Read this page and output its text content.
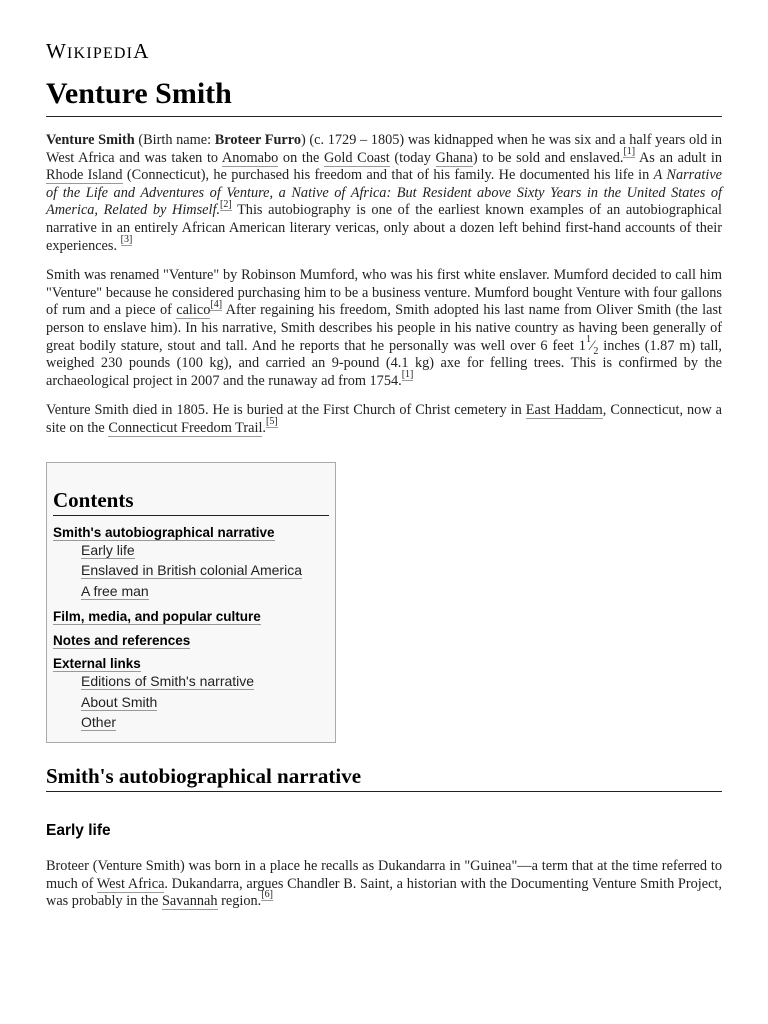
WIKIPEDIA
Venture Smith

Venture Smith (Birth name: Broteer Furro) (c. 1729 – 1805) was kidnapped when he was six and a half years old in West Africa and was taken to Anomabo on the Gold Coast (today Ghana) to be sold and enslaved.[1] As an adult in Rhode Island (Connecticut), he purchased his freedom and that of his family. He documented his life in A Narrative of the Life and Adventures of Venture, a Native of Africa: But Resident above Sixty Years in the United States of America, Related by Himself.[2] This autobiography is one of the earliest known examples of an autobiographical narrative in an entirely African American literary vericas, only about a dozen left behind first-hand accounts of their experiences. [3]

Smith was renamed "Venture" by Robinson Mumford, who was his first white enslaver. Mumford decided to call him "Venture" because he considered purchasing him to be a business venture. Mumford bought Venture with four gallons of rum and a piece of calico[4] After regaining his freedom, Smith adopted his last name from Oliver Smith (the last person to enslave him). In his narrative, Smith describes his people in his native country as having been generally of great bodily stature, stout and tall. And he reports that he personally was well over 6 feet $1^1⁄_2$ inches (1.87 m) tall, weighed 230 pounds (100 kg), and carried an 9-pound (4.1 kg) axe for felling trees. This is confirmed by the archaeological project in 2007 and the runaway ad from 1754.[1]

Venture Smith died in 1805. He is buried at the First Church of Christ cemetery in East Haddam, Connecticut, now a site on the Connecticut Freedom Trail.[5]

Contents
Smith's autobiographical narrative
Early life
Enslaved in British colonial America
A free man
Film, media, and popular culture
Notes and references
External links
Editions of Smith's narrative
About Smith
Other
Smith's autobiographical narrative
Early life

Broteer (Venture Smith) was born in a place he recalls as Dukandarra in "Guinea"—a term that at the time referred to much of West Africa. Dukandarra, argues Chandler B. Saint, a historian with the Documenting Venture Smith Project, was probably in the Savannah region.[6]
